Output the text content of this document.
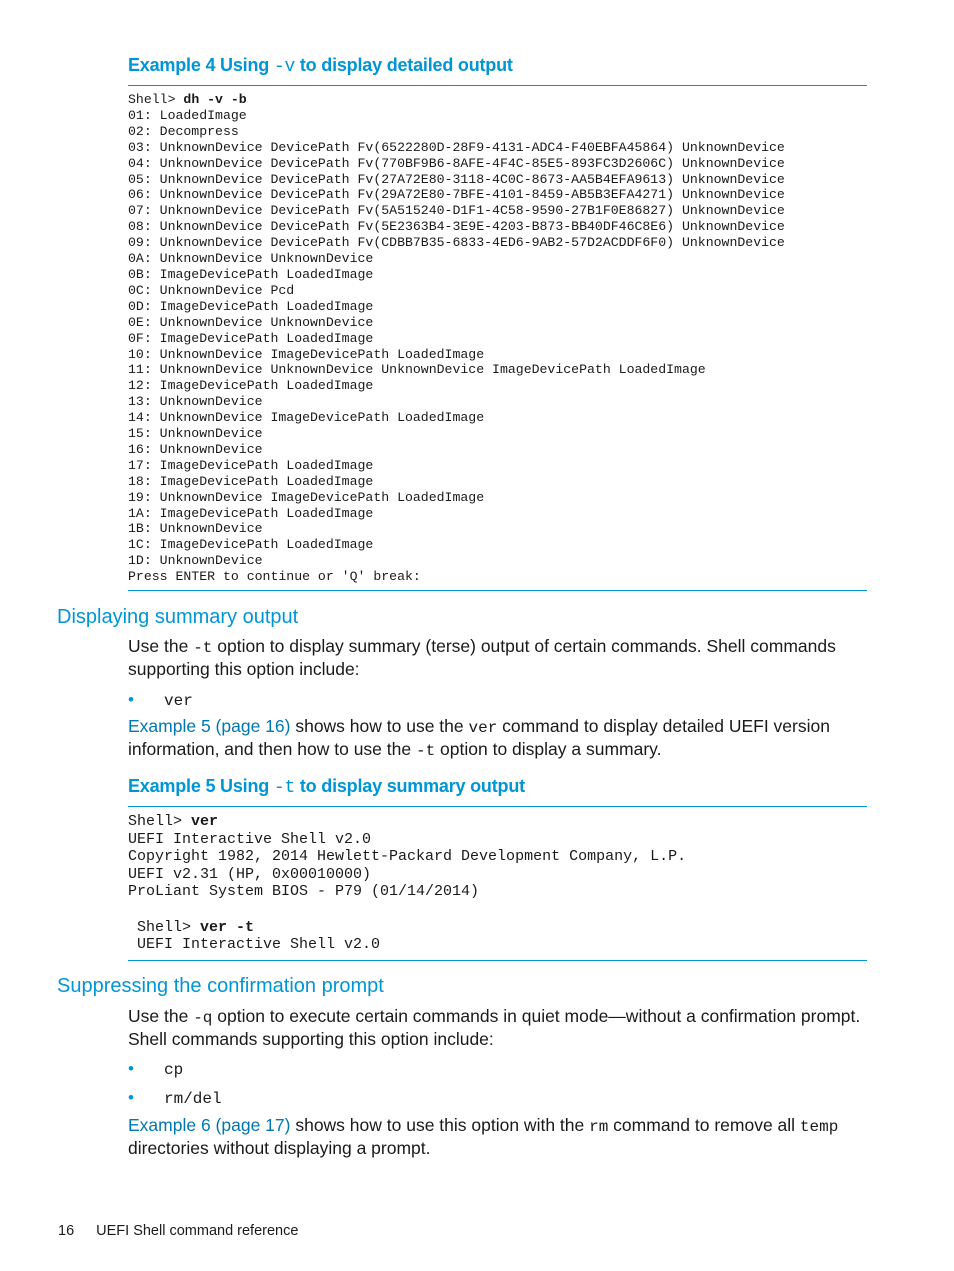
Example 4 Using -v to display detailed output
Shell> dh -v -b
01: LoadedImage
02: Decompress
03: UnknownDevice DevicePath Fv(6522280D-28F9-4131-ADC4-F40EBFA45864) UnknownDevice
04: UnknownDevice DevicePath Fv(770BF9B6-8AFE-4F4C-85E5-893FC3D2606C) UnknownDevice
05: UnknownDevice DevicePath Fv(27A72E80-3118-4C0C-8673-AA5B4EFA9613) UnknownDevice
06: UnknownDevice DevicePath Fv(29A72E80-7BFE-4101-8459-AB5B3EFA4271) UnknownDevice
07: UnknownDevice DevicePath Fv(5A515240-D1F1-4C58-9590-27B1F0E86827) UnknownDevice
08: UnknownDevice DevicePath Fv(5E2363B4-3E9E-4203-B873-BB40DF46C8E6) UnknownDevice
09: UnknownDevice DevicePath Fv(CDBB7B35-6833-4ED6-9AB2-57D2ACDDF6F0) UnknownDevice
0A: UnknownDevice UnknownDevice
0B: ImageDevicePath LoadedImage
0C: UnknownDevice Pcd
0D: ImageDevicePath LoadedImage
0E: UnknownDevice UnknownDevice
0F: ImageDevicePath LoadedImage
10: UnknownDevice ImageDevicePath LoadedImage
11: UnknownDevice UnknownDevice UnknownDevice ImageDevicePath LoadedImage
12: ImageDevicePath LoadedImage
13: UnknownDevice
14: UnknownDevice ImageDevicePath LoadedImage
15: UnknownDevice
16: UnknownDevice
17: ImageDevicePath LoadedImage
18: ImageDevicePath LoadedImage
19: UnknownDevice ImageDevicePath LoadedImage
1A: ImageDevicePath LoadedImage
1B: UnknownDevice
1C: ImageDevicePath LoadedImage
1D: UnknownDevice
Press ENTER to continue or 'Q' break:
Displaying summary output
Use the -t option to display summary (terse) output of certain commands. Shell commands supporting this option include:
• ver
Example 5 (page 16) shows how to use the ver command to display detailed UEFI version information, and then how to use the -t option to display a summary.
Example 5 Using -t to display summary output
Shell> ver
UEFI Interactive Shell v2.0
Copyright 1982, 2014 Hewlett-Packard Development Company, L.P.
UEFI v2.31 (HP, 0x00010000)
ProLiant System BIOS - P79 (01/14/2014)

Shell> ver -t
UEFI Interactive Shell v2.0
Suppressing the confirmation prompt
Use the -q option to execute certain commands in quiet mode—without a confirmation prompt. Shell commands supporting this option include:
• cp
• rm/del
Example 6 (page 17) shows how to use this option with the rm command to remove all temp directories without displaying a prompt.
16 UEFI Shell command reference
